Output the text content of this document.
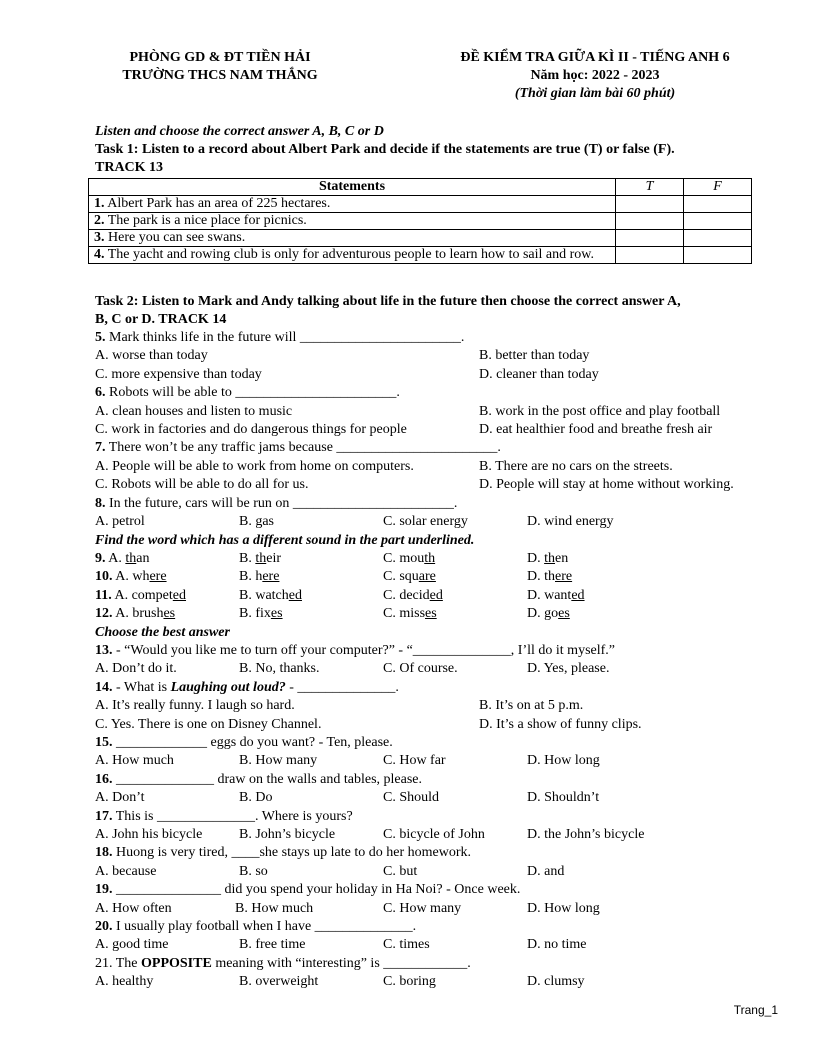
PHÒNG GD & ĐT TIỀN HẢI
TRƯỜNG THCS NAM THẮNG
ĐỀ KIỂM TRA GIỮA KÌ II - TIẾNG ANH 6
Năm học: 2022 - 2023
(Thời gian làm bài 60 phút)
Listen and choose the correct answer A, B, C or D
Task 1: Listen to a record about Albert Park and decide if the statements are true (T) or false (F).
TRACK 13
Statements	T	F
1. Albert Park has an area of 225 hectares.		
2. The park is a nice place for picnics.		
3. Here you can see swans.		
4. The yacht and rowing club is only for adventurous people to learn how to sail and row.		
Task 2: Listen to Mark and Andy talking about life in the future then choose the correct answer A,
B, C or D. TRACK 14
5. Mark thinks life in the future will _______________________.
A. worse than today	B. better than today
C. more expensive than today	D. cleaner than today
6. Robots will be able to _______________________.
A. clean houses and listen to music	B. work in the post office and play football
C. work in factories and do dangerous things for people	D. eat healthier food and breathe fresh air
7. There won’t be any traffic jams because _______________________.
A. People will be able to work from home on computers.	B. There are no cars on the streets.
C. Robots will be able to do all for us.	D. People will stay at home without working.
8. In the future, cars will be run on _______________________.
A. petrol	B. gas	C. solar energy	D. wind energy
Find the word which has a different sound in the part underlined.
9. A. than	B. their	C. mouth	D. then
10. A. where	B. here	C. square	D. there
11. A. competed	B. watched	C. decided	D. wanted
12. A. brushes	B. fixes	C. misses	D. goes
Choose the best answer
13. - “Would you like me to turn off your computer?” - “______________, I’ll do it myself.”
A. Don’t do it.	B. No, thanks.	C. Of course.	D. Yes, please.
14. - What is Laughing out loud? - ______________.
A. It’s really funny. I laugh so hard.	B. It’s on at 5 p.m.
C. Yes. There is one on Disney Channel.	D. It’s a show of funny clips.
15. _____________ eggs do you want? - Ten, please.
A. How much	B. How many	C. How far	D. How long
16. ______________ draw on the walls and tables, please.
A. Don’t	B. Do	C. Should	D. Shouldn’t
17. This is ______________. Where is yours?
A. John his bicycle	B. John’s bicycle	C. bicycle of John	D. the John’s bicycle
18. Huong is very tired, ____she stays up late to do her homework.
A. because	B. so	C. but	D. and
19. _______________ did you spend your holiday in Ha Noi? - Once week.
A. How often	B. How much	C. How many	D. How long
20. I usually play football when I have ______________.
A. good time	B. free time	C. times	D. no time
21. The OPPOSITE meaning with “interesting” is ____________.
A. healthy	B. overweight	C. boring	D. clumsy
Trang_1
